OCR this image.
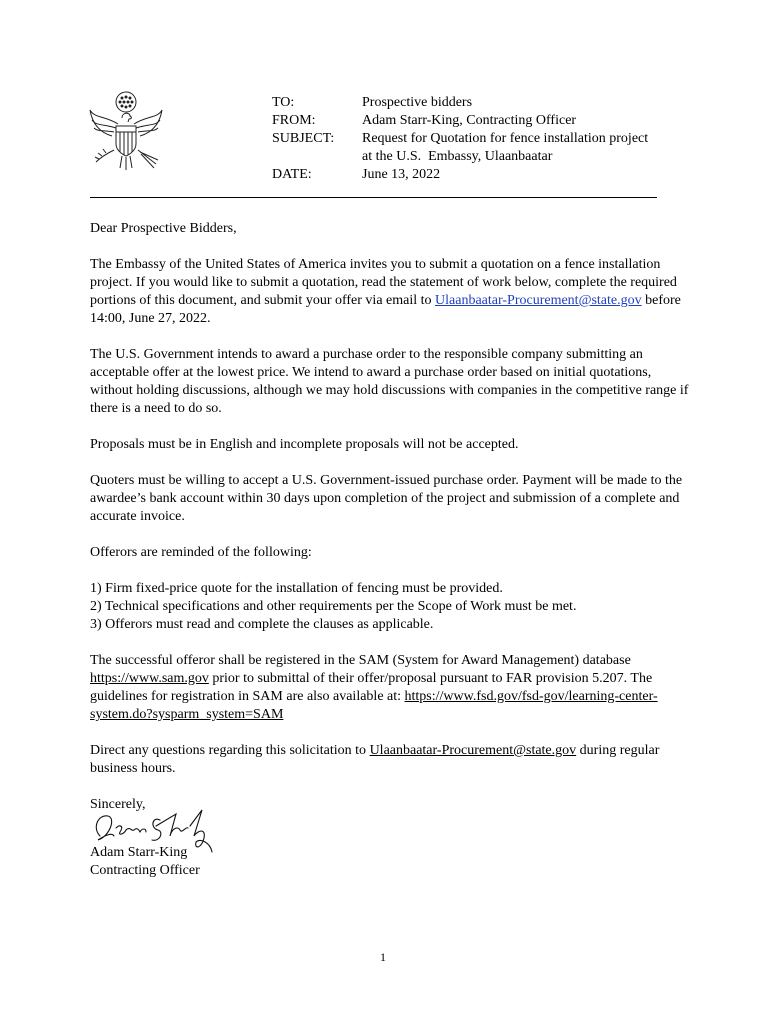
TO:	Prospective bidders
FROM:	Adam Starr-King, Contracting Officer
SUBJECT:	Request for Quotation for fence installation project
at the U.S.  Embassy, Ulaanbaatar
DATE:	June 13, 2022

Dear Prospective Bidders,

The Embassy of the United States of America invites you to submit a quotation on a fence installation project. If you would like to submit a quotation, read the statement of work below, complete the required portions of this document, and submit your offer via email to Ulaanbaatar-Procurement@state.gov before 14:00, June 27, 2022.

The U.S. Government intends to award a purchase order to the responsible company submitting an acceptable offer at the lowest price. We intend to award a purchase order based on initial quotations, without holding discussions, although we may hold discussions with companies in the competitive range if there is a need to do so.

Proposals must be in English and incomplete proposals will not be accepted.

Quoters must be willing to accept a U.S. Government-issued purchase order. Payment will be made to the awardee’s bank account within 30 days upon completion of the project and submission of a complete and accurate invoice.

Offerors are reminded of the following:

1) Firm fixed-price quote for the installation of fencing must be provided.
2) Technical specifications and other requirements per the Scope of Work must be met.
3) Offerors must read and complete the clauses as applicable.

The successful offeror shall be registered in the SAM (System for Award Management) database https://www.sam.gov prior to submittal of their offer/proposal pursuant to FAR provision 5.207. The guidelines for registration in SAM are also available at: https://www.fsd.gov/fsd-gov/learning-center-system.do?sysparm_system=SAM

Direct any questions regarding this solicitation to Ulaanbaatar-Procurement@state.gov during regular business hours.

Sincerely,

Adam Starr-King
Contracting Officer
1
